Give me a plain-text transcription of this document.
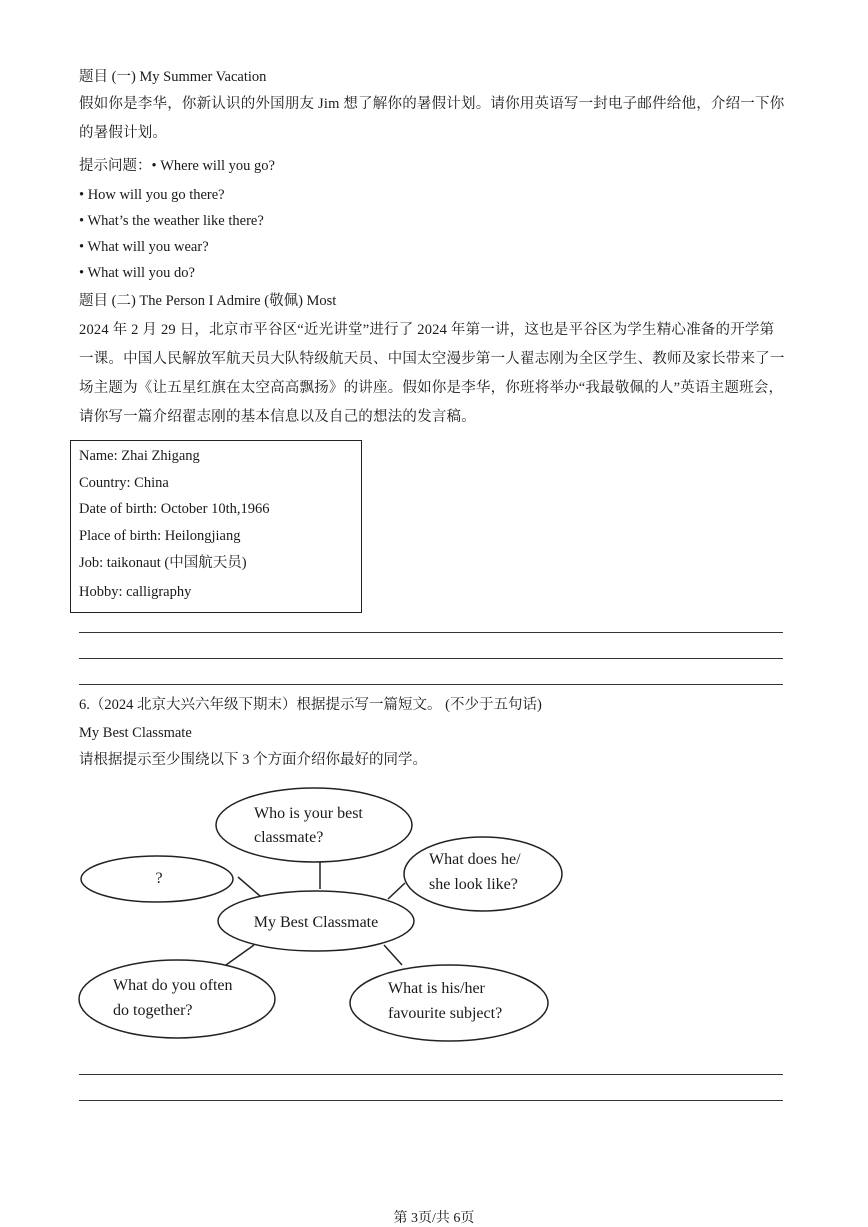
题目 (一) My Summer Vacation
假如你是李华，你新认识的外国朋友 Jim 想了解你的暑假计划。请你用英语写一封电子邮件给他，介绍一下你的暑假计划。
提示问题：• Where will you go?
• How will you go there?
• What’s the weather like there?
• What will you wear?
• What will you do?
题目 (二) The Person I Admire (敬佩) Most
2024 年 2 月 29 日，北京市平谷区“近光讲堂”进行了 2024 年第一讲，这也是平谷区为学生精心准备的开学第一课。中国人民解放军航天员大队特级航天员、中国太空漫步第一人翟志刚为全区学生、教师及家长带来了一场主题为《让五星红旗在太空高高飘扬》的讲座。假如你是李华，你班将举办“我最敬佩的人”英语主题班会，请你写一篇介绍翟志刚的基本信息以及自己的想法的发言稿。
Name: Zhai Zhigang
Country: China
Date of birth: October 10th,1966
Place of birth: Heilongjiang
Job: taikonaut (中国航天员)
Hobby: calligraphy
6.（2024 北京大兴六年级下期末）根据提示写一篇短文。 (不少于五句话)
My Best Classmate
请根据提示至少围绕以下 3 个方面介绍你最好的同学。
My Best Classmate
Who is your best
classmate?
?
What does he/
she look like?
What do you often
do together?
What is his/her
favourite subject?
第 3页/共 6页
